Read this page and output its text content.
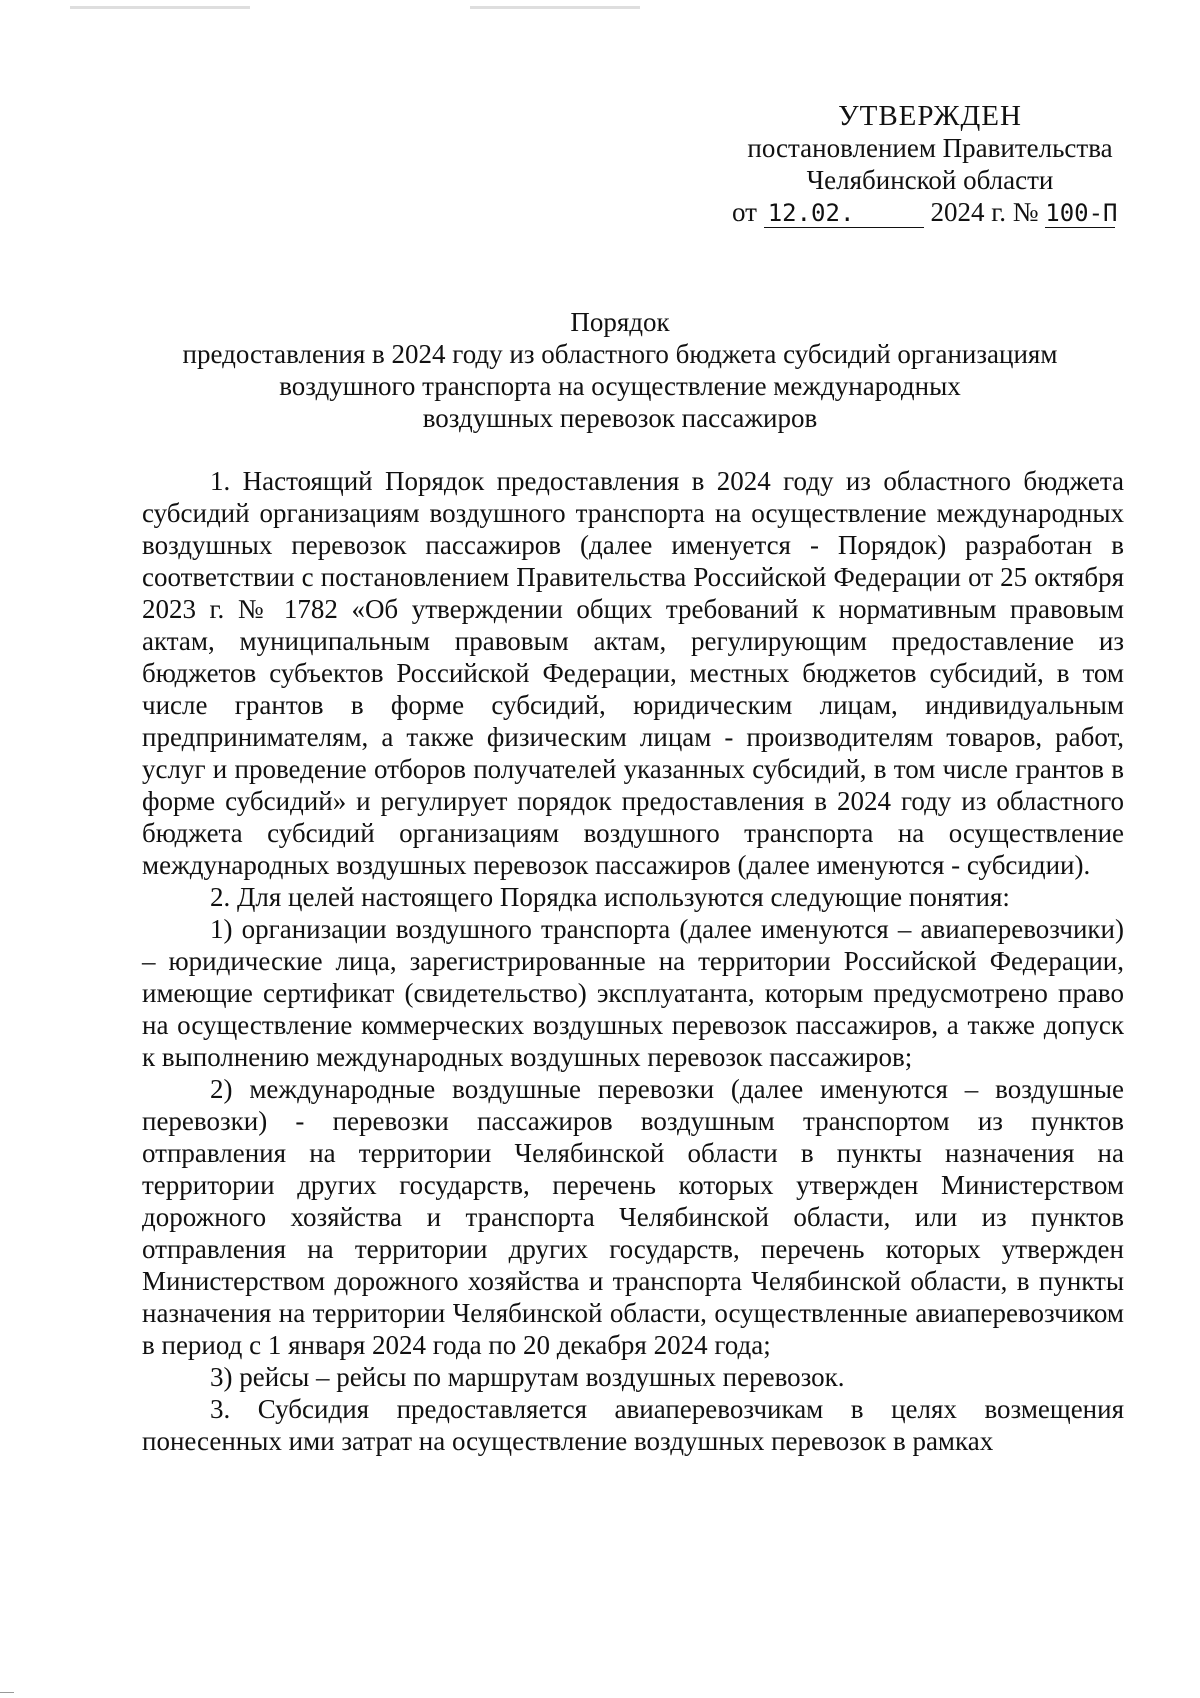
УТВЕРЖДЕН
постановлением Правительства
Челябинской области
от 12.02.	2024 г. № 100-П
Порядок
предоставления в 2024 году из областного бюджета субсидий организациям
воздушного транспорта на осуществление международных
воздушных перевозок пассажиров

1. Настоящий Порядок предоставления в 2024 году из областного бюджета субсидий организациям воздушного транспорта на осуществление международных воздушных перевозок пассажиров (далее именуется - Порядок) разработан в соответствии с постановлением Правительства Российской Федерации от 25 октября 2023 г. № 1782 «Об утверждении общих требований к нормативным правовым актам, муниципальным правовым актам, регулирующим предоставление из бюджетов субъектов Российской Федерации, местных бюджетов субсидий, в том числе грантов в форме субсидий, юридическим лицам, индивидуальным предпринимателям, а также физическим лицам - производителям товаров, работ, услуг и проведение отборов получателей указанных субсидий, в том числе грантов в форме субсидий» и регулирует порядок предоставления в 2024 году из областного бюджета субсидий организациям воздушного транспорта на осуществление международных воздушных перевозок пассажиров (далее именуются - субсидии).

2. Для целей настоящего Порядка используются следующие понятия:

1) организации воздушного транспорта (далее именуются – авиаперевозчики) – юридические лица, зарегистрированные на территории Российской Федерации, имеющие сертификат (свидетельство) эксплуатанта, которым предусмотрено право на осуществление коммерческих воздушных перевозок пассажиров, а также допуск к выполнению международных воздушных перевозок пассажиров;

2) международные воздушные перевозки (далее именуются – воздушные перевозки) - перевозки пассажиров воздушным транспортом из пунктов отправления на территории Челябинской области в пункты назначения на территории других государств, перечень которых утвержден Министерством дорожного хозяйства и транспорта Челябинской области, или из пунктов отправления на территории других государств, перечень которых утвержден Министерством дорожного хозяйства и транспорта Челябинской области, в пункты назначения на территории Челябинской области, осуществленные авиаперевозчиком в период с 1 января 2024 года по 20 декабря 2024 года;

3) рейсы – рейсы по маршрутам воздушных перевозок.

3. Субсидия предоставляется авиаперевозчикам в целях возмещения понесенных ими затрат на осуществление воздушных перевозок в рамках
